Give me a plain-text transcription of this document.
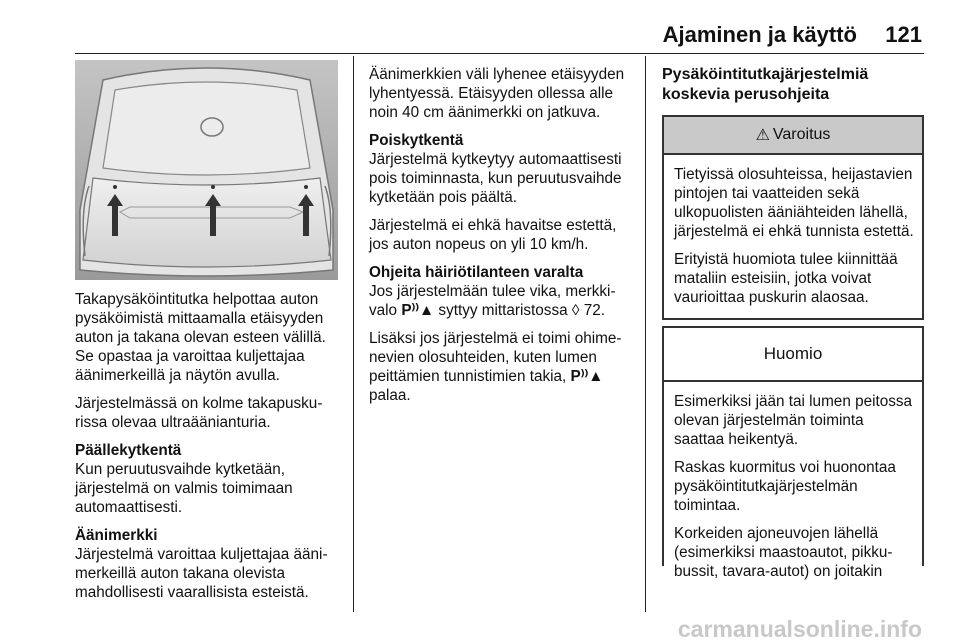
Ajaminen ja käyttö 121

Takapysäköintitutka helpottaa auton pysäköimistä mittaamalla etäisyyden auton ja takana olevan esteen välillä. Se opastaa ja varoittaa kuljettajaa äänimerkeillä ja näytön avulla.

Järjestelmässä on kolme takapuskurissa olevaa ultraäänianturia.

Päällekytkentä

Kun peruutusvaihde kytketään, järjestelmä on valmis toimimaan automaattisesti.

Äänimerkki

Järjestelmä varoittaa kuljettajaa äänimerkeillä auton takana olevista mahdollisesti vaarallisista esteistä.

Äänimerkkien väli lyhenee etäisyyden lyhentyessä. Etäisyyden ollessa alle noin 40 cm äänimerkki on jatkuva.

Poiskytkentä

Järjestelmä kytkeytyy automaattisesti pois toiminnasta, kun peruutusvaihde kytketään pois päältä.

Järjestelmä ei ehkä havaitse estettä, jos auton nopeus on yli 10 km/h.

Ohjeita häiriötilanteen varalta

Jos järjestelmään tulee vika, merkkivalo P⁾⁾▲ syttyy mittaristossa ◊ 72.

Lisäksi jos järjestelmä ei toimi ohimenevien olosuhteiden, kuten lumen peittämien tunnistimien takia, P⁾⁾▲ palaa.

Pysäköintitutkajärjestelmiä koskevia perusohjeita
⚠ Varoitus

Tietyissä olosuhteissa, heijastavien pintojen tai vaatteiden sekä ulkopuolisten ääniähteiden lähellä, järjestelmä ei ehkä tunnista estettä.

Erityistä huomiota tulee kiinnittää mataliin esteisiin, jotka voivat vaurioittaa puskurin alaosaa.

Huomio

Esimerkiksi jään tai lumen peitossa olevan järjestelmän toiminta saattaa heikentyä.

Raskas kuormitus voi huonontaa pysäköintitutkajärjestelmän toimintaa.

Korkeiden ajoneuvojen lähellä (esimerkiksi maastoautot, pikkubussit, tavara-autot) on joitakin

carmanualsonline.info
